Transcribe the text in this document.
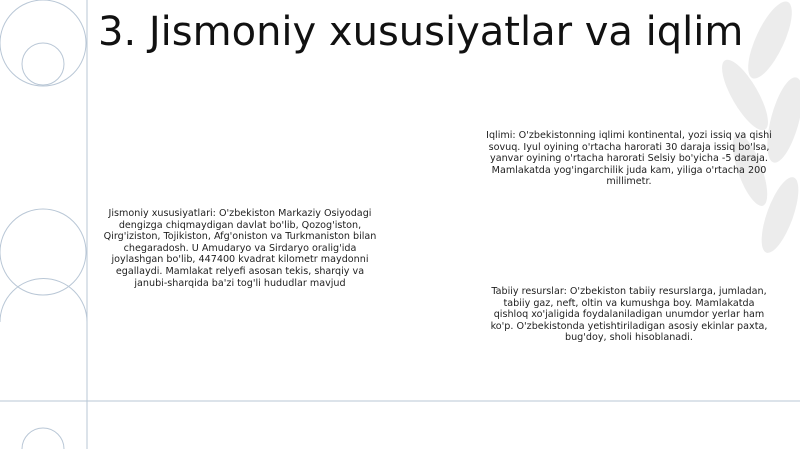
3. Jismoniy xususiyatlar va iqlim

Jismoniy xususiyatlari: O'zbekiston Markaziy Osiyodagi dengizga chiqmaydigan davlat bo'lib, Qozog'iston, Qirg'iziston, Tojikiston, Afg'oniston va Turkmaniston bilan chegaradosh. U Amudaryo va Sirdaryo oralig'ida joylashgan bo'lib, 447400 kvadrat kilometr maydonni egallaydi. Mamlakat relyefi asosan tekis, sharqiy va janubi-sharqida ba'zi tog'li hududlar mavjud

Iqlimi: O'zbekistonning iqlimi kontinental, yozi issiq va qishi sovuq. Iyul oyining o'rtacha harorati 30 daraja issiq bo'lsa, yanvar oyining o'rtacha harorati Selsiy bo'yicha -5 daraja. Mamlakatda yog'ingarchilik juda kam, yiliga o'rtacha 200 millimetr.

Tabiiy resurslar: O'zbekiston tabiiy resurslarga, jumladan, tabiiy gaz, neft, oltin va kumushga boy. Mamlakatda qishloq xo'jaligida foydalaniladigan unumdor yerlar ham ko'p. O'zbekistonda yetishtiriladigan asosiy ekinlar paxta, bug'doy, sholi hisoblanadi.
